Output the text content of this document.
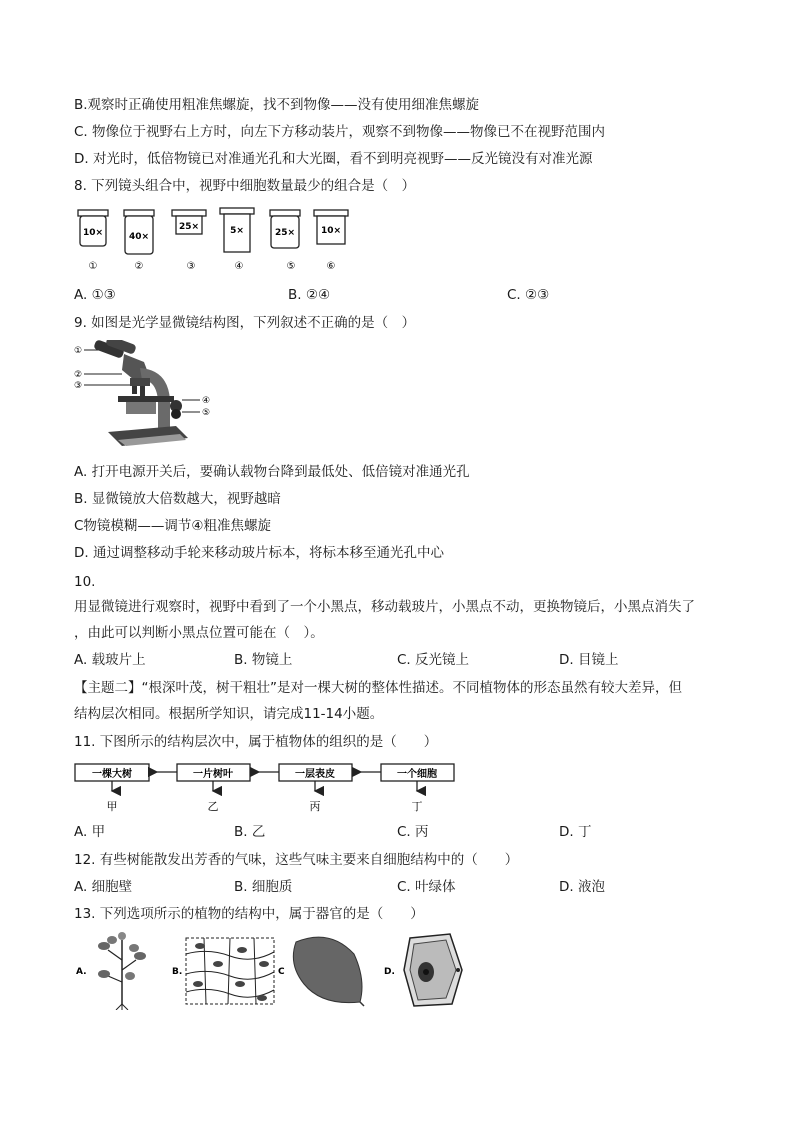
B.观察时正确使用粗准焦螺旋，找不到物像——没有使用细准焦螺旋
C. 物像位于视野右上方时，向左下方移动装片，观察不到物像——物像已不在视野范围内
D. 对光时，低倍物镜已对准通光孔和大光圈，看不到明亮视野——反光镜没有对准光源
8. 下列镜头组合中，视野中细胞数量最少的组合是（　）
10×
①
40×
②
25×
③
5×
④
25×
⑤
10×
⑥
A. ①③	B. ②④	C. ②③
9. 如图是光学显微镜结构图，下列叙述不正确的是（　）
①
②
③
④
⑤
A. 打开电源开关后，要确认载物台降到最低处、低倍镜对准通光孔
B. 显微镜放大倍数越大，视野越暗
C物镜模糊——调节④粗准焦螺旋
D. 通过调整移动手轮来移动玻片标本，将标本移至通光孔中心
10.
用显微镜进行观察时，视野中看到了一个小黑点，移动载玻片，小黑点不动，更换物镜后，小黑点消失了
，由此可以判断小黑点位置可能在（　）。
A. 载玻片上	B. 物镜上	C. 反光镜上	D. 目镜上
【主题二】“根深叶茂，树干粗壮”是对一棵大树的整体性描述。不同植物体的形态虽然有较大差异，但
结构层次相同。根据所学知识，请完成11-14小题。
11. 下图所示的结构层次中，属于植物体的组织的是（　　）
一棵大树	一片树叶	一层表皮	一个细胞
甲	乙	丙	丁
A. 甲	B. 乙	C. 丙	D. 丁
12. 有些树能散发出芳香的气味，这些气味主要来自细胞结构中的（　　）
A. 细胞壁	B. 细胞质	C. 叶绿体	D. 液泡
13. 下列选项所示的植物的结构中，属于器官的是（　　）
A.	B.	C	D.
